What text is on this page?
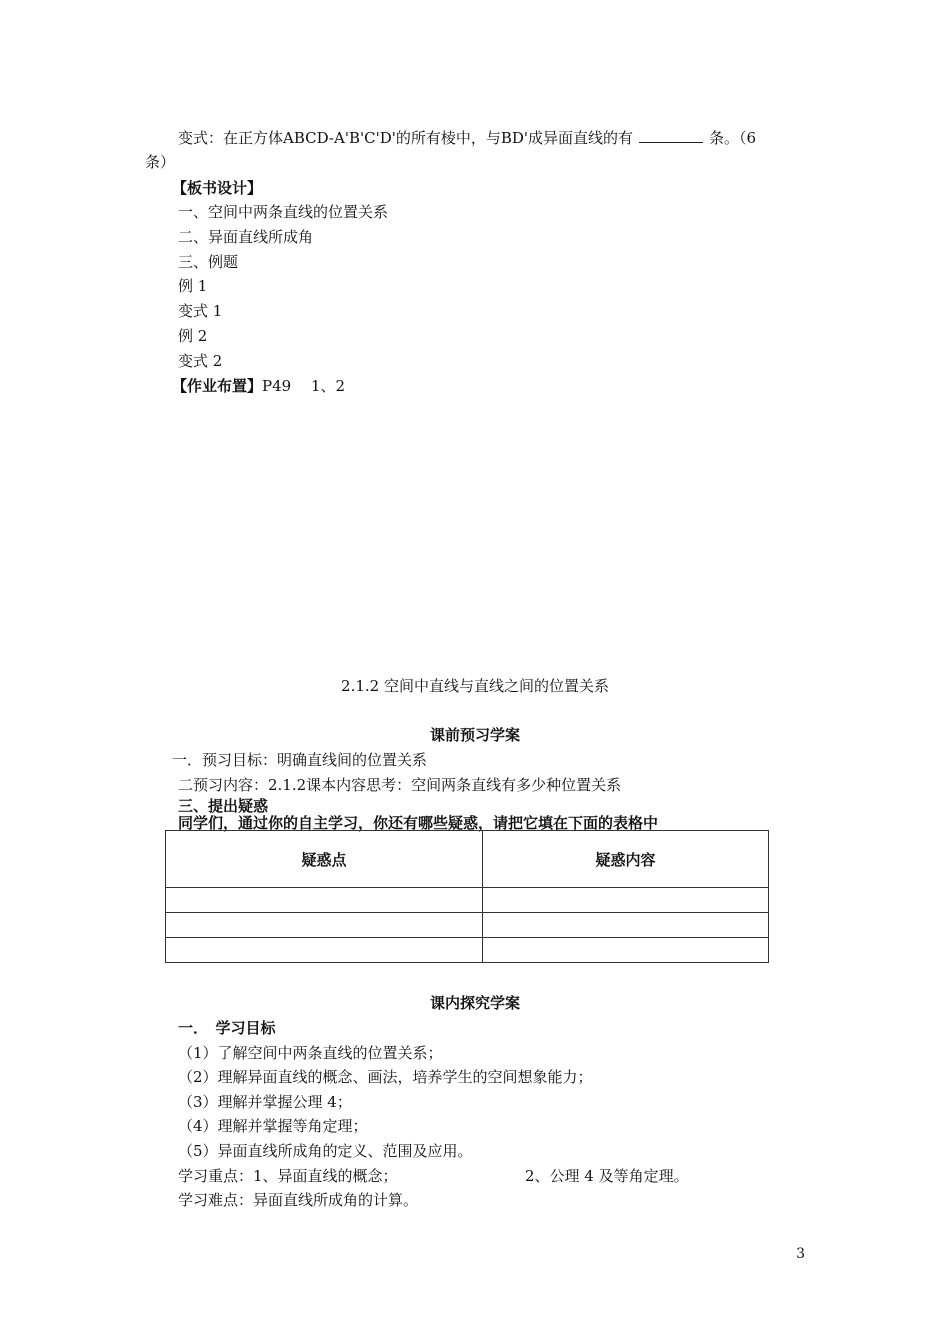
变式：在正方体ABCD-A'B'C'D'的所有棱中，与BD'成异面直线的有	条。（6
条）
【板书设计】
一、空间中两条直线的位置关系
二、异面直线所成角
三、例题
例 1
变式 1
例 2
变式 2
【作业布置】P49　 1、2
2.1.2 空间中直线与直线之间的位置关系
课前预习学案
一．预习目标：明确直线间的位置关系
二预习内容：2.1.2课本内容思考：空间两条直线有多少种位置关系
三、提出疑惑
同学们，通过你的自主学习，你还有哪些疑惑，请把它填在下面的表格中
疑惑点	疑惑内容

课内探究学案
一．　学习目标
（1）了解空间中两条直线的位置关系；
（2）理解异面直线的概念、画法，培养学生的空间想象能力；
（3）理解并掌握公理 4；
（4）理解并掌握等角定理；
（5）异面直线所成角的定义、范围及应用。
学习重点：1、异面直线的概念；	2、公理 4 及等角定理。
学习难点：异面直线所成角的计算。
3
